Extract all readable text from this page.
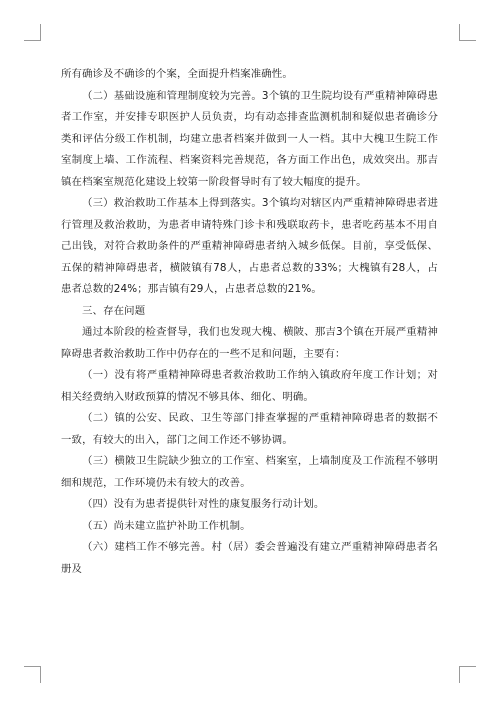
所有确诊及不确诊的个案，全面提升档案准确性。

（二）基础设施和管理制度较为完善。3个镇的卫生院均设有严重精神障碍患者工作室，并安排专职医护人员负责，均有动态排查监测机制和疑似患者确诊分类和评估分级工作机制，均建立患者档案并做到一人一档。其中大槐卫生院工作室制度上墙、工作流程、档案资料完善规范，各方面工作出色，成效突出。那吉镇在档案室规范化建设上较第一阶段督导时有了较大幅度的提升。

（三）救治救助工作基本上得到落实。3个镇均对辖区内严重精神障碍患者进行管理及救治救助，为患者申请特殊门诊卡和残联取药卡，患者吃药基本不用自己出钱，对符合救助条件的严重精神障碍患者纳入城乡低保。目前，享受低保、五保的精神障碍患者，横陂镇有78人，占患者总数的33%；大槐镇有28人，占患者总数的24%；那吉镇有29人，占患者总数的21%。

三、存在问题

通过本阶段的检查督导，我们也发现大槐、横陂、那吉3个镇在开展严重精神障碍患者救治救助工作中仍存在的一些不足和问题，主要有：

（一）没有将严重精神障碍患者救治救助工作纳入镇政府年度工作计划；对相关经费纳入财政预算的情况不够具体、细化、明确。

（二）镇的公安、民政、卫生等部门排查掌握的严重精神障碍患者的数据不一致，有较大的出入，部门之间工作还不够协调。

（三）横陂卫生院缺少独立的工作室、档案室，上墙制度及工作流程不够明细和规范，工作环境仍未有较大的改善。

（四）没有为患者提供针对性的康复服务行动计划。

（五）尚未建立监护补助工作机制。

（六）建档工作不够完善。村（居）委会普遍没有建立严重精神障碍患者名册及
